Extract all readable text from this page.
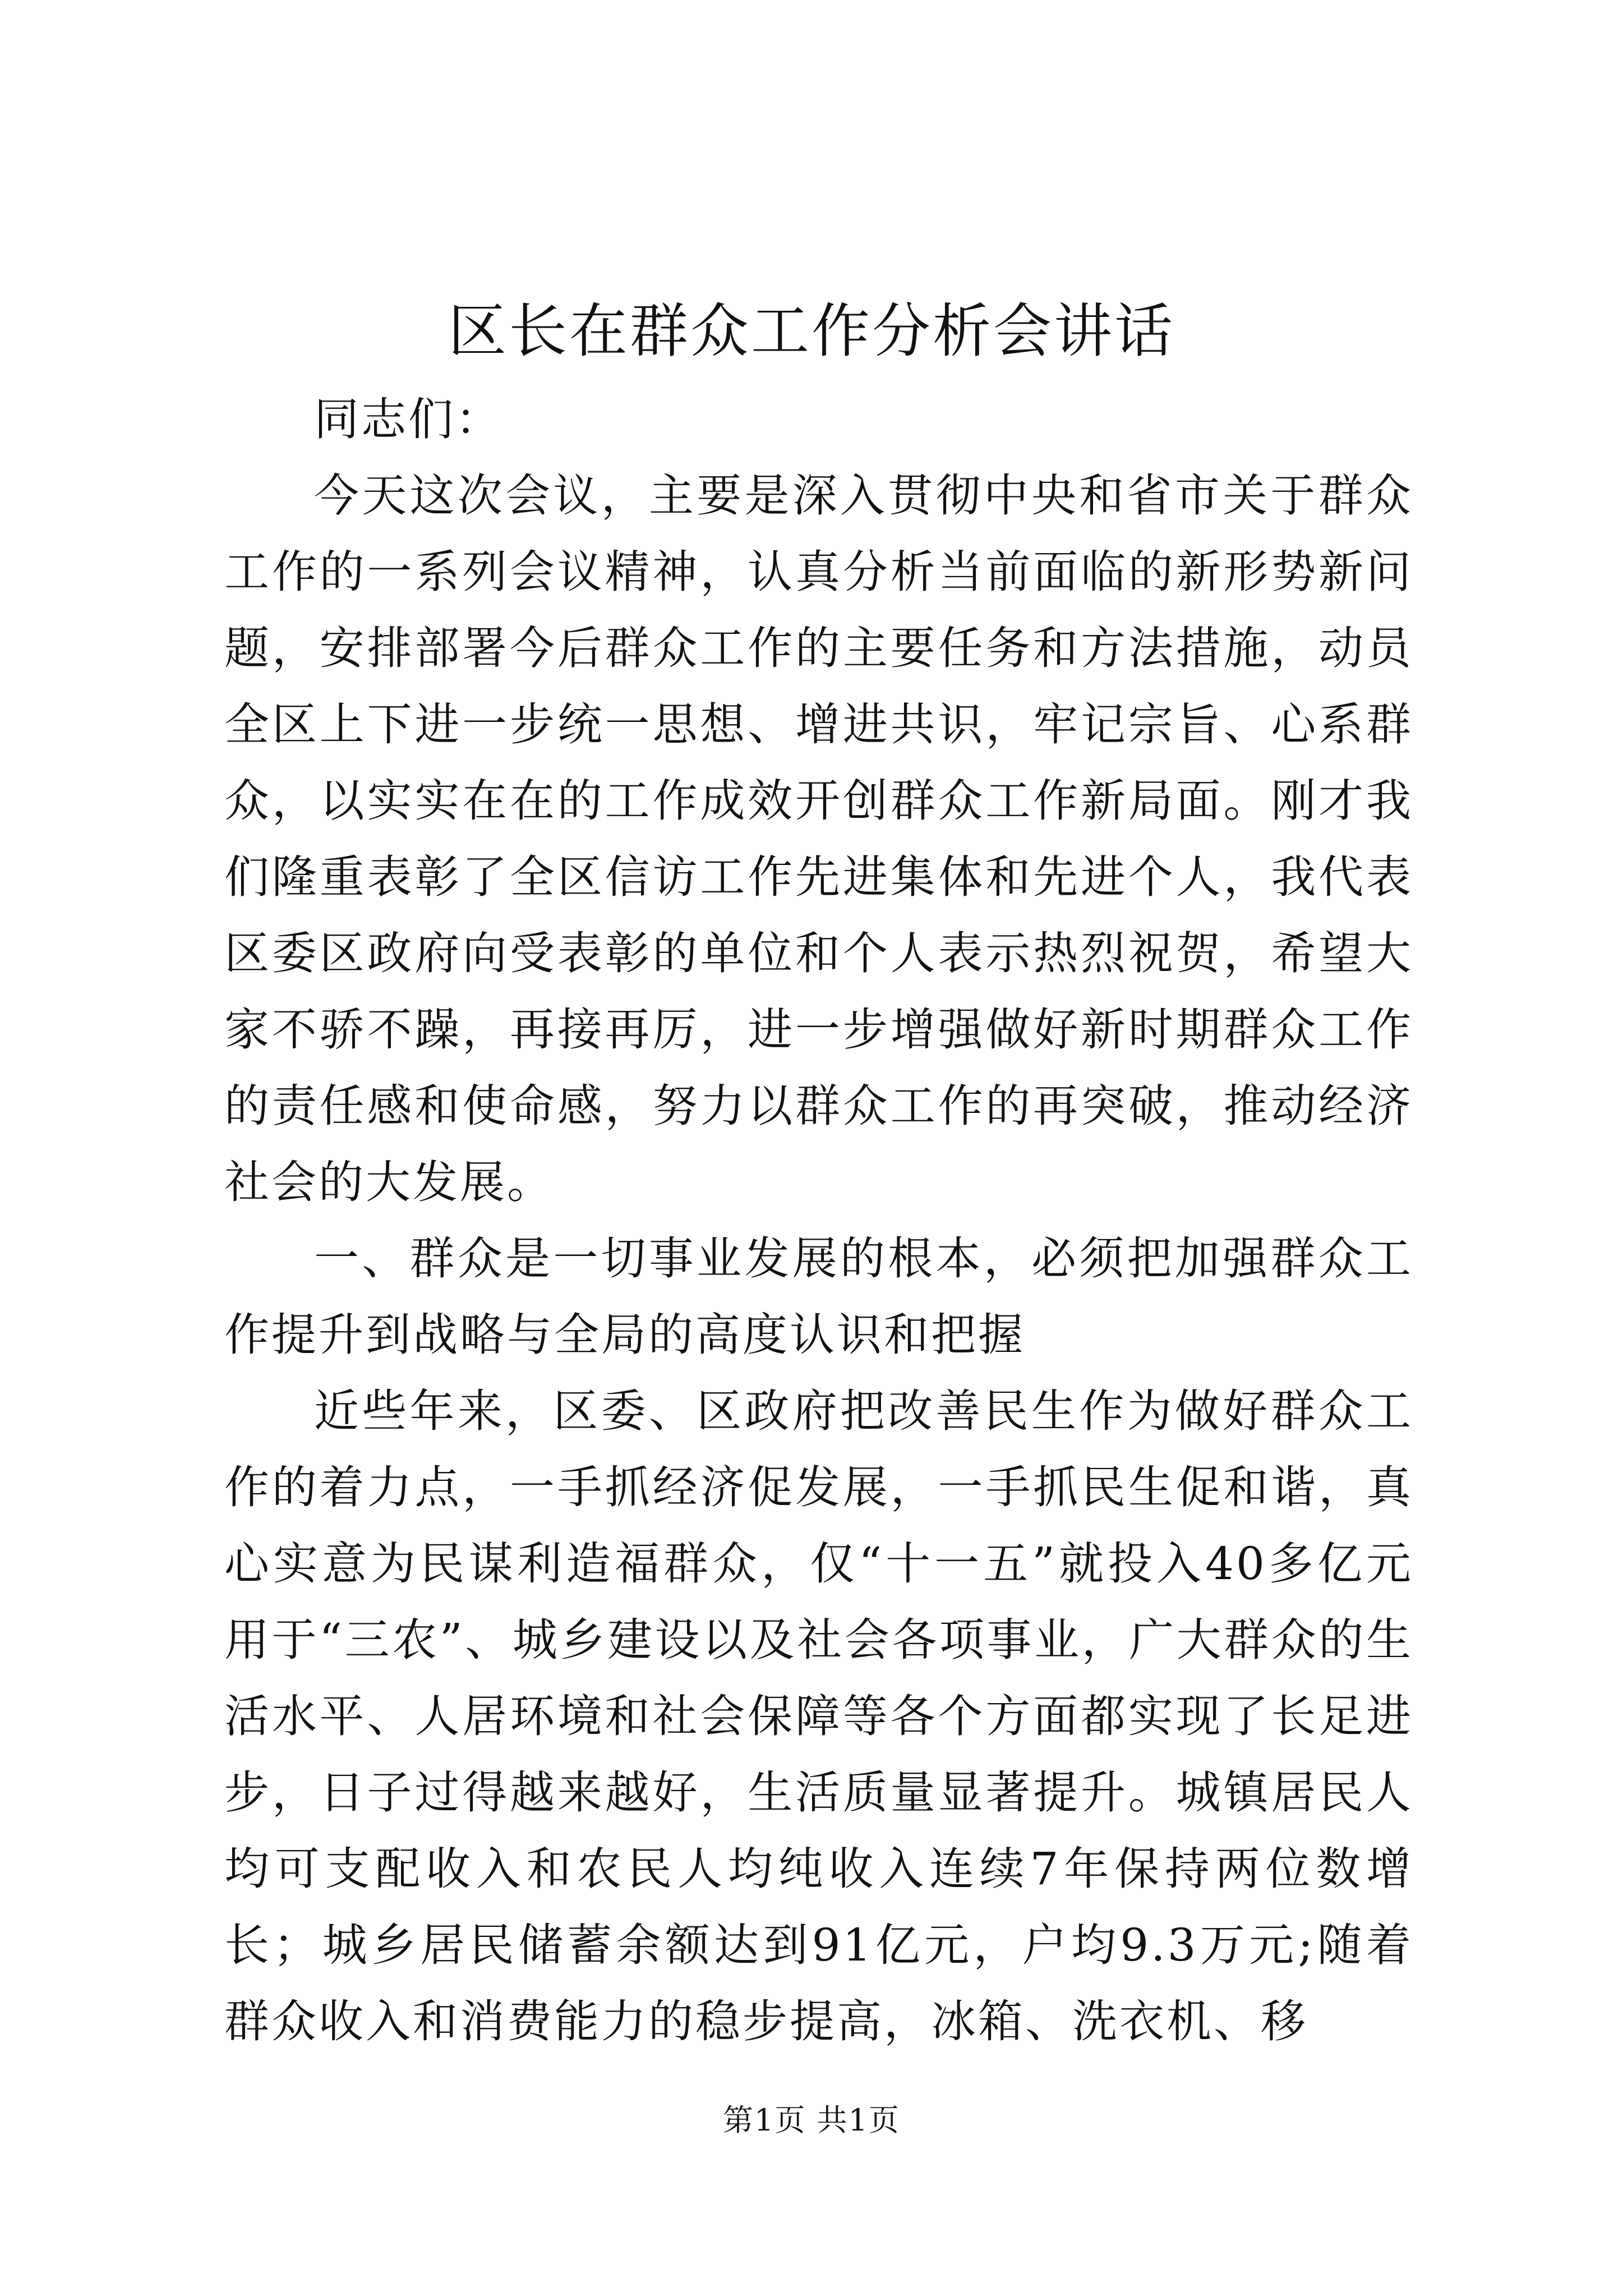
区长在群众工作分析会讲话

同志们：

今天这次会议，主要是深入贯彻中央和省市关于群众工作的一系列会议精神，认真分析当前面临的新形势新问题，安排部署今后群众工作的主要任务和方法措施，动员全区上下进一步统一思想、增进共识，牢记宗旨、心系群众，以实实在在的工作成效开创群众工作新局面。刚才我们隆重表彰了全区信访工作先进集体和先进个人，我代表区委区政府向受表彰的单位和个人表示热烈祝贺，希望大家不骄不躁，再接再厉，进一步增强做好新时期群众工作的责任感和使命感，努力以群众工作的再突破，推动经济社会的大发展。

一、群众是一切事业发展的根本，必须把加强群众工作提升到战略与全局的高度认识和把握

近些年来，区委、区政府把改善民生作为做好群众工作的着力点，一手抓经济促发展，一手抓民生促和谐，真心实意为民谋利造福群众，仅“十一五”就投入40多亿元用于“三农”、城乡建设以及社会各项事业，广大群众的生活水平、人居环境和社会保障等各个方面都实现了长足进步，日子过得越来越好，生活质量显著提升。城镇居民人均可支配收入和农民人均纯收入连续7年保持两位数增长；城乡居民储蓄余额达到91亿元，户均9.3万元;随着群众收入和消费能力的稳步提高，冰箱、洗衣机、移

第1页 共1页
